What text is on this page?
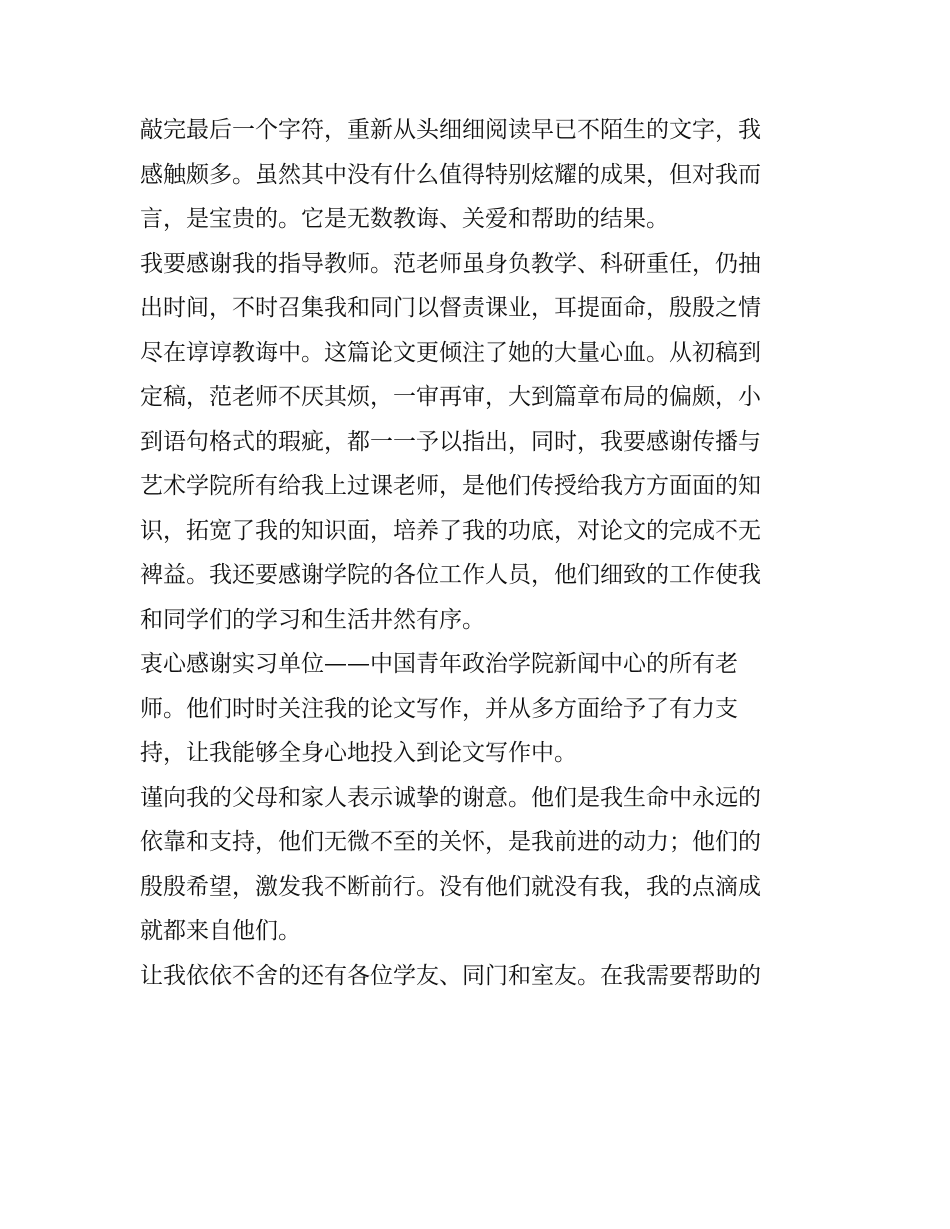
敲完最后一个字符，重新从头细细阅读早已不陌生的文字，我
感触颇多。虽然其中没有什么值得特别炫耀的成果，但对我而
言，是宝贵的。它是无数教诲、关爱和帮助的结果。
我要感谢我的指导教师。范老师虽身负教学、科研重任，仍抽
出时间，不时召集我和同门以督责课业，耳提面命，殷殷之情
尽在谆谆教诲中。这篇论文更倾注了她的大量心血。从初稿到
定稿，范老师不厌其烦，一审再审，大到篇章布局的偏颇，小
到语句格式的瑕疵，都一一予以指出，同时，我要感谢传播与
艺术学院所有给我上过课老师，是他们传授给我方方面面的知
识，拓宽了我的知识面，培养了我的功底，对论文的完成不无
裨益。我还要感谢学院的各位工作人员，他们细致的工作使我
和同学们的学习和生活井然有序。
衷心感谢实习单位——中国青年政治学院新闻中心的所有老
师。他们时时关注我的论文写作，并从多方面给予了有力支
持，让我能够全身心地投入到论文写作中。
谨向我的父母和家人表示诚挚的谢意。他们是我生命中永远的
依靠和支持，他们无微不至的关怀，是我前进的动力；他们的
殷殷希望，激发我不断前行。没有他们就没有我，我的点滴成
就都来自他们。
让我依依不舍的还有各位学友、同门和室友。在我需要帮助的
